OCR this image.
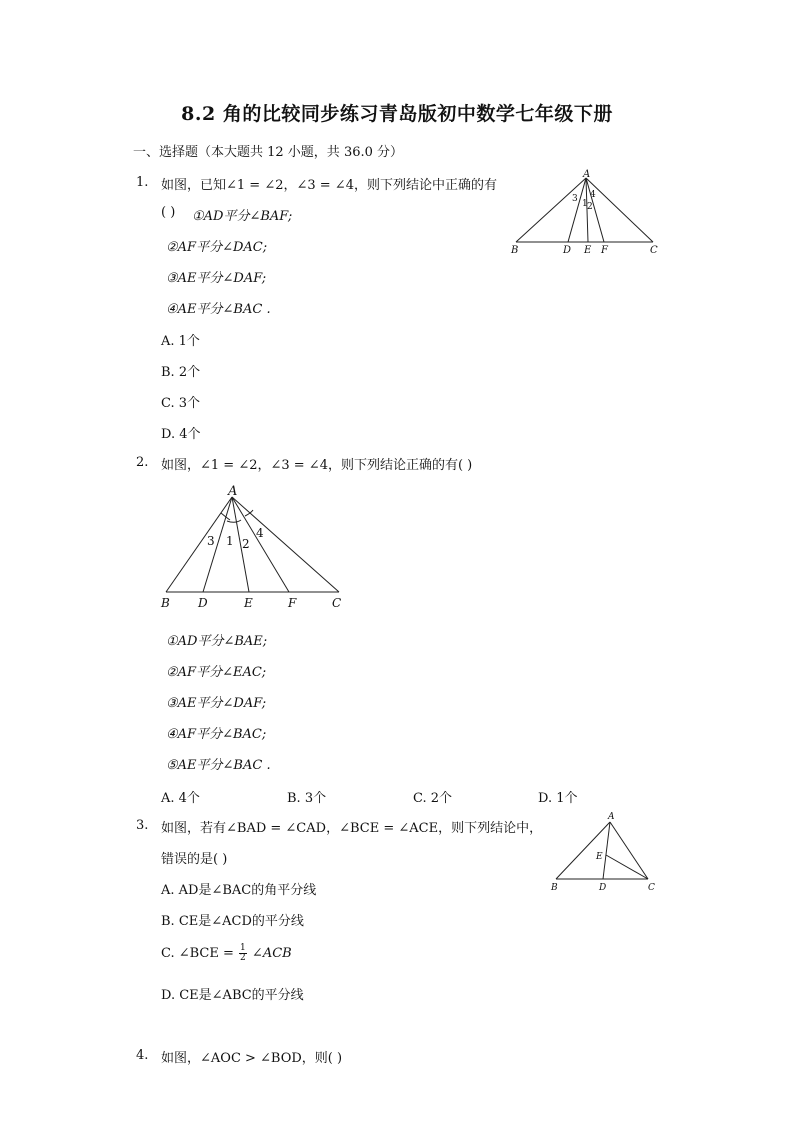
8.2 角的比较同步练习青岛版初中数学七年级下册
一、选择题（本大题共 12 小题，共 36.0 分）
1. 如图，已知∠1 = ∠2，∠3 = ∠4，则下列结论中正确的有
( ) ①AD平分∠BAF;
②AF平分∠DAC;
③AE平分∠DAF;
④AE平分∠BAC .
A. 1个
B. 2个
C. 3个
D. 4个
A
B	D E F	C
3 4
1 2
2. 如图，∠1 = ∠2，∠3 = ∠4，则下列结论正确的有( )
A
B D	E	F	C
3 1 2
4
①AD平分∠BAE;
②AF平分∠EAC;
③AE平分∠DAF;
④AF平分∠BAC;
⑤AE平分∠BAC .
A. 4个	B. 3个	C. 2个	D. 1个
3. 如图，若有∠BAD = ∠CAD，∠BCE = ∠ACE，则下列结论中，
错误的是( )
A. AD是∠BAC的角平分线
B. CE是∠ACD的平分线
C. ∠BCE = $\frac{1}{2}$ ∠ACB
D. CE是∠ABC的平分线
A
B	D	C
E
4. 如图，∠AOC > ∠BOD，则( )
